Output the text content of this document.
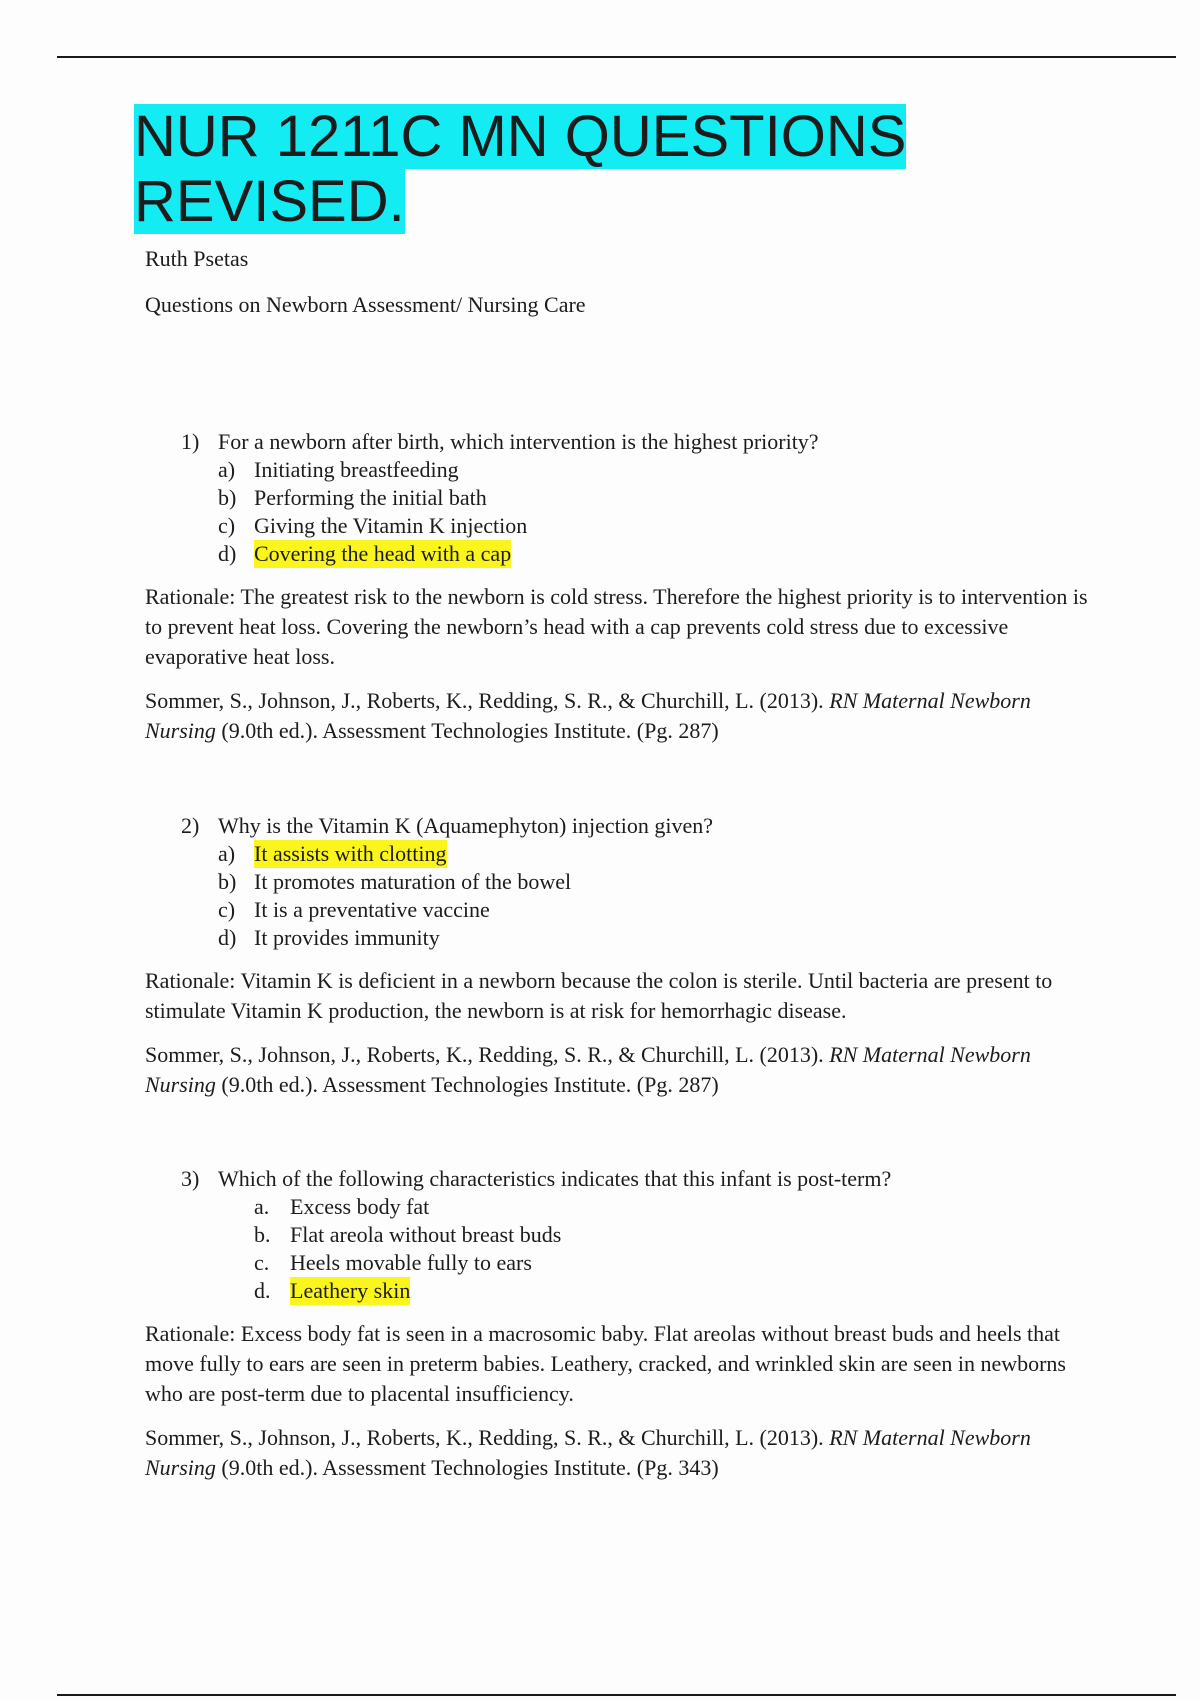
NUR 1211C MN QUESTIONS REVISED.
Ruth Psetas
Questions on Newborn Assessment/ Nursing Care
1) For a newborn after birth, which intervention is the highest priority?
a) Initiating breastfeeding
b) Performing the initial bath
c) Giving the Vitamin K injection
d) Covering the head with a cap

Rationale: The greatest risk to the newborn is cold stress. Therefore the highest priority is to intervention is to prevent heat loss. Covering the newborn’s head with a cap prevents cold stress due to excessive evaporative heat loss.

Sommer, S., Johnson, J., Roberts, K., Redding, S. R., & Churchill, L. (2013). RN Maternal Newborn Nursing (9.0th ed.). Assessment Technologies Institute. (Pg. 287)

2) Why is the Vitamin K (Aquamephyton) injection given?
a) It assists with clotting
b) It promotes maturation of the bowel
c) It is a preventative vaccine
d) It provides immunity

Rationale: Vitamin K is deficient in a newborn because the colon is sterile. Until bacteria are present to stimulate Vitamin K production, the newborn is at risk for hemorrhagic disease.

Sommer, S., Johnson, J., Roberts, K., Redding, S. R., & Churchill, L. (2013). RN Maternal Newborn Nursing (9.0th ed.). Assessment Technologies Institute. (Pg. 287)

3) Which of the following characteristics indicates that this infant is post-term?
a. Excess body fat
b. Flat areola without breast buds
c. Heels movable fully to ears
d. Leathery skin

Rationale: Excess body fat is seen in a macrosomic baby. Flat areolas without breast buds and heels that move fully to ears are seen in preterm babies. Leathery, cracked, and wrinkled skin are seen in newborns who are post-term due to placental insufficiency.

Sommer, S., Johnson, J., Roberts, K., Redding, S. R., & Churchill, L. (2013). RN Maternal Newborn Nursing (9.0th ed.). Assessment Technologies Institute. (Pg. 343)
